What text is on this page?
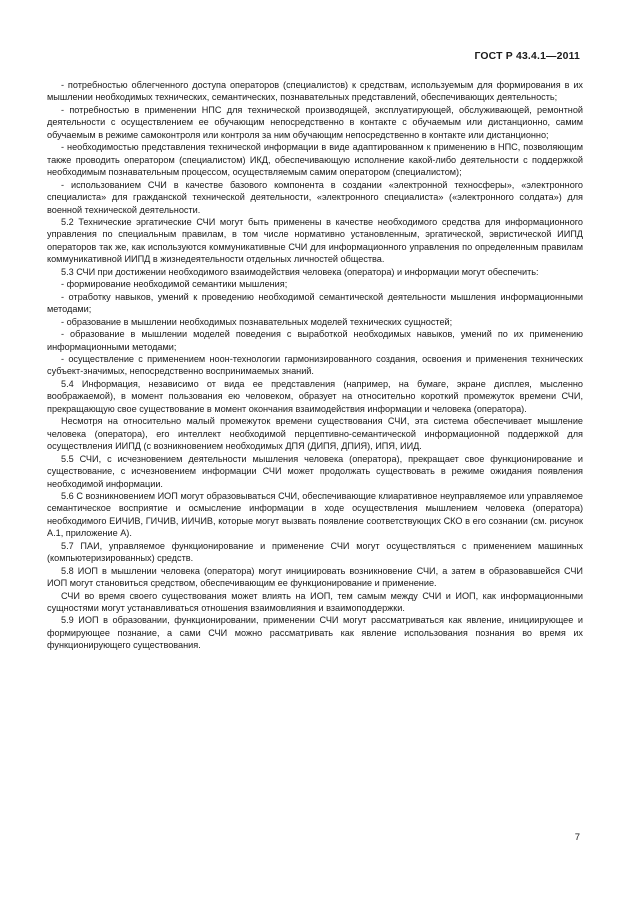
ГОСТ Р 43.4.1—2011

- потребностью облегченного доступа операторов (специалистов) к средствам, используемым для формирования в их мышлении необходимых технических, семантических, познавательных представлений, обеспечивающих деятельность;

- потребностью в применении НПС для технической производящей, эксплуатирующей, обслуживающей, ремонтной деятельности с осуществлением ее обучающим непосредственно в контакте с обучаемым или дистанционно, самим обучаемым в режиме самоконтроля или контроля за ним обучающим непосредственно в контакте или дистанционно;

- необходимостью представления технической информации в виде адаптированном к применению в НПС, позволяющим также проводить оператором (специалистом) ИКД, обеспечивающую исполнение какой-либо деятельности с поддержкой необходимым познавательным процессом, осуществляемым самим оператором (специалистом);

- использованием СЧИ в качестве базового компонента в создании «электронной техносферы», «электронного специалиста» для гражданской технической деятельности, «электронного специалиста» («электронного солдата») для военной технической деятельности.

5.2 Технические эргатические СЧИ могут быть применены в качестве необходимого средства для информационного управления по специальным правилам, в том числе нормативно установленным, эргатической, эвристической ИИПД операторов так же, как используются коммуникативные СЧИ для информационного управления по определенным правилам коммуникативной ИИПД в жизнедеятельности отдельных личностей общества.

5.3 СЧИ при достижении необходимого взаимодействия человека (оператора) и информации могут обеспечить:

- формирование необходимой семантики мышления;

- отработку навыков, умений к проведению необходимой семантической деятельности мышления информационными методами;

- образование в мышлении необходимых познавательных моделей технических сущностей;

- образование в мышлении моделей поведения с выработкой необходимых навыков, умений по их применению информационными методами;

- осуществление с применением ноон-технологии гармонизированного создания, освоения и применения технических субъект-значимых, непосредственно воспринимаемых знаний.

5.4 Информация, независимо от вида ее представления (например, на бумаге, экране дисплея, мысленно воображаемой), в момент пользования ею человеком, образует на относительно короткий промежуток времени СЧИ, прекращающую свое существование в момент окончания взаимодействия информации и человека (оператора).

Несмотря на относительно малый промежуток времени существования СЧИ, эта система обеспечивает мышление человека (оператора), его интеллект необходимой перцептивно-семантической информационной поддержкой для осуществления ИИПД (с возникновением необходимых ДПЯ (ДИПЯ, ДПИЯ), ИПЯ, ИИД.

5.5 СЧИ, с исчезновением деятельности мышления человека (оператора), прекращает свое функционирование и существование, с исчезновением информации СЧИ может продолжать существовать в режиме ожидания появления необходимой информации.

5.6 С возникновением ИОП могут образовываться СЧИ, обеспечивающие клиаративное неуправляемое или управляемое семантическое восприятие и осмысление информации в ходе осуществления мышлением человека (оператора) необходимого ЕИЧИВ, ГИЧИВ, ИИЧИВ, которые могут вызвать появление соответствующих СКО в его сознании (см. рисунок А.1, приложение А).

5.7 ПАИ, управляемое функционирование и применение СЧИ могут осуществляться с применением машинных (компьютеризированных) средств.

5.8 ИОП в мышлении человека (оператора) могут инициировать возникновение СЧИ, а затем в образовавшейся СЧИ ИОП могут становиться средством, обеспечивающим ее функционирование и применение.

СЧИ во время своего существования может влиять на ИОП, тем самым между СЧИ и ИОП, как информационными сущностями могут устанавливаться отношения взаимовлияния и взаимоподдержки.

5.9 ИОП в образовании, функционировании, применении СЧИ могут рассматриваться как явление, инициирующее и формирующее познание, а сами СЧИ можно рассматривать как явление использования познания во время их функционирующего существования.

7
